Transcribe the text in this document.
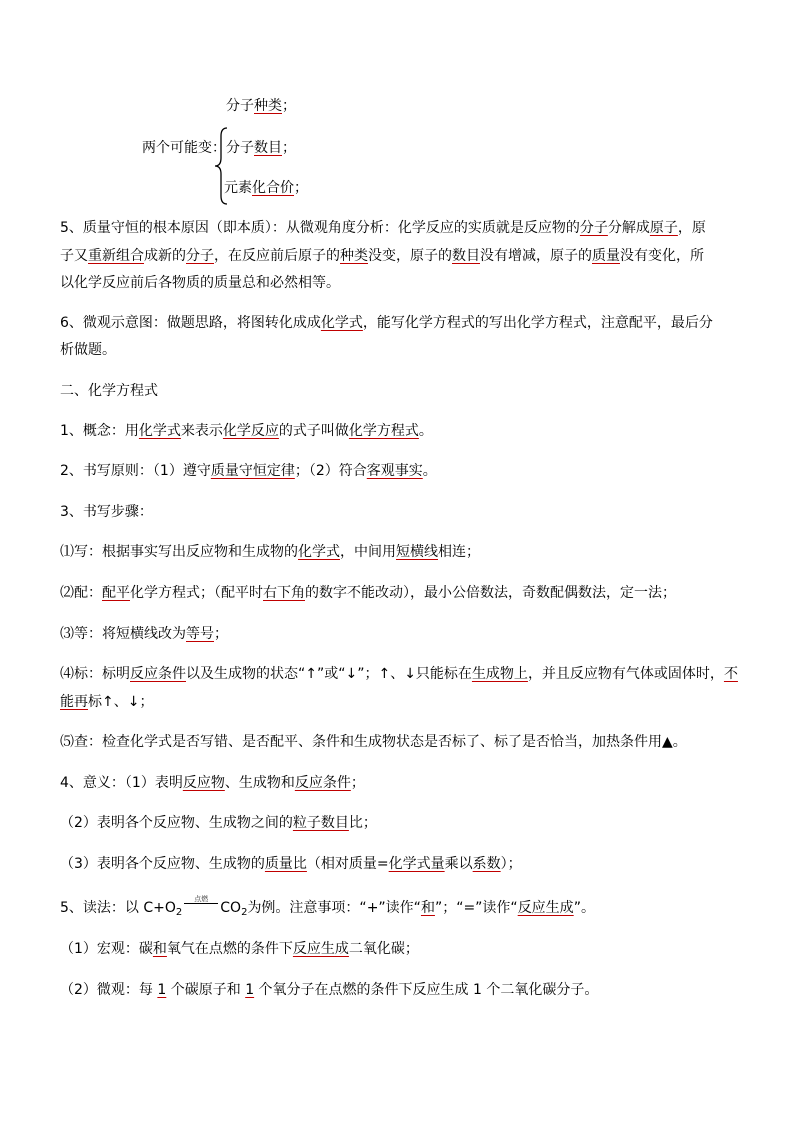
分子种类；
两个可能变：分子数目；
元素化合价；
5、质量守恒的根本原因（即本质）：从微观角度分析：化学反应的实质就是反应物的分子分解成原子，原
子又重新组合成新的分子，在反应前后原子的种类没变，原子的数目没有增减，原子的质量没有变化，所
以化学反应前后各物质的质量总和必然相等。
6、微观示意图：做题思路，将图转化成成化学式，能写化学方程式的写出化学方程式，注意配平，最后分
析做题。
二、化学方程式
1、概念：用化学式来表示化学反应的式子叫做化学方程式。
2、书写原则：（1）遵守质量守恒定律；（2）符合客观事实。
3、书写步骤：
⑴写：根据事实写出反应物和生成物的化学式，中间用短横线相连；
⑵配：配平化学方程式；（配平时右下角的数字不能改动），最小公倍数法，奇数配偶数法，定一法；
⑶等：将短横线改为等号；
⑷标：标明反应条件以及生成物的状态“↑”或“↓”；↑、↓只能标在生成物上，并且反应物有气体或固体时，不
能再标↑、↓；
⑸查：检查化学式是否写错、是否配平、条件和生成物状态是否标了、标了是否恰当，加热条件用▲。
4、意义：（1）表明反应物、生成物和反应条件；
（2）表明各个反应物、生成物之间的粒子数目比；
（3）表明各个反应物、生成物的质量比（相对质量=化学式量乘以系数）；
5、读法：以 $C+O_2$
点燃
$CO_2$为例。注意事项：“+”读作“和”；“=”读作“反应生成”。
（1）宏观：碳和氧气在点燃的条件下反应生成二氧化碳；
（2）微观：每 1 个碳原子和 1 个氧分子在点燃的条件下反应生成 1 个二氧化碳分子。
